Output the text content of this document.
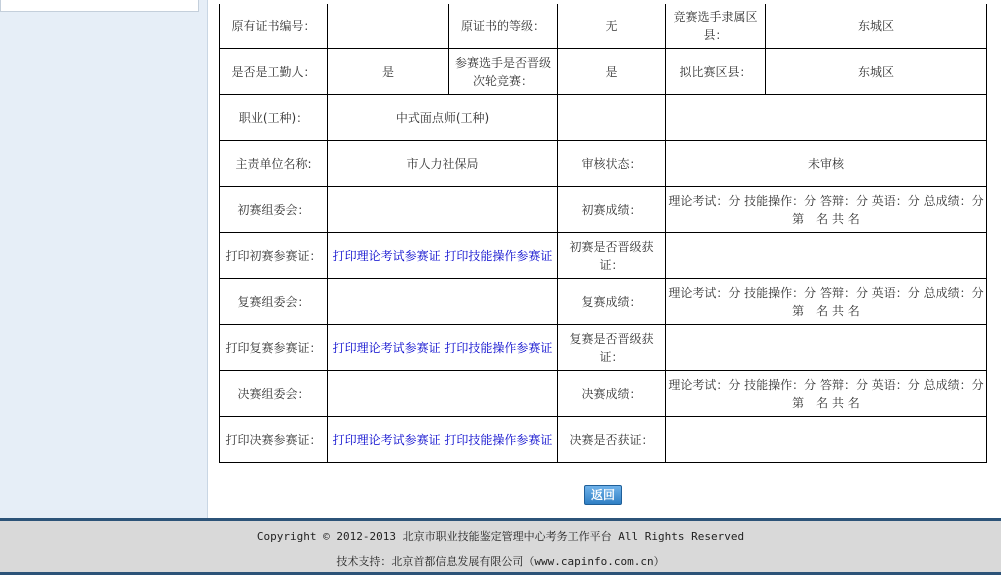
原有证书编号：		原证书的等级：	无	竞赛选手隶属区县：	东城区
是否是工勤人：	是	参赛选手是否晋级次轮竞赛：	是	拟比赛区县：	东城区
职业(工种)：	中式面点师(工种)				
主责单位名称:	市人力社保局		审核状态：	未审核	
初赛组委会：			初赛成绩：	理论考试：分 技能操作：分 答辩：分 英语：分 总成绩：分 第　名 共 名	
打印初赛参赛证：	打印理论考试参赛证 打印技能操作参赛证		初赛是否晋级获证：		
复赛组委会：			复赛成绩：	理论考试：分 技能操作：分 答辩：分 英语：分 总成绩：分 第　名 共 名	
打印复赛参赛证：	打印理论考试参赛证 打印技能操作参赛证		复赛是否晋级获证：		
决赛组委会：			决赛成绩：	理论考试：分 技能操作：分 答辩：分 英语：分 总成绩：分 第　名 共 名	
打印决赛参赛证：	打印理论考试参赛证 打印技能操作参赛证		决赛是否获证：		
返回
Copyright © 2012-2013 北京市职业技能鉴定管理中心考务工作平台 All Rights Reserved
技术支持：北京首都信息发展有限公司（www.capinfo.com.cn）
